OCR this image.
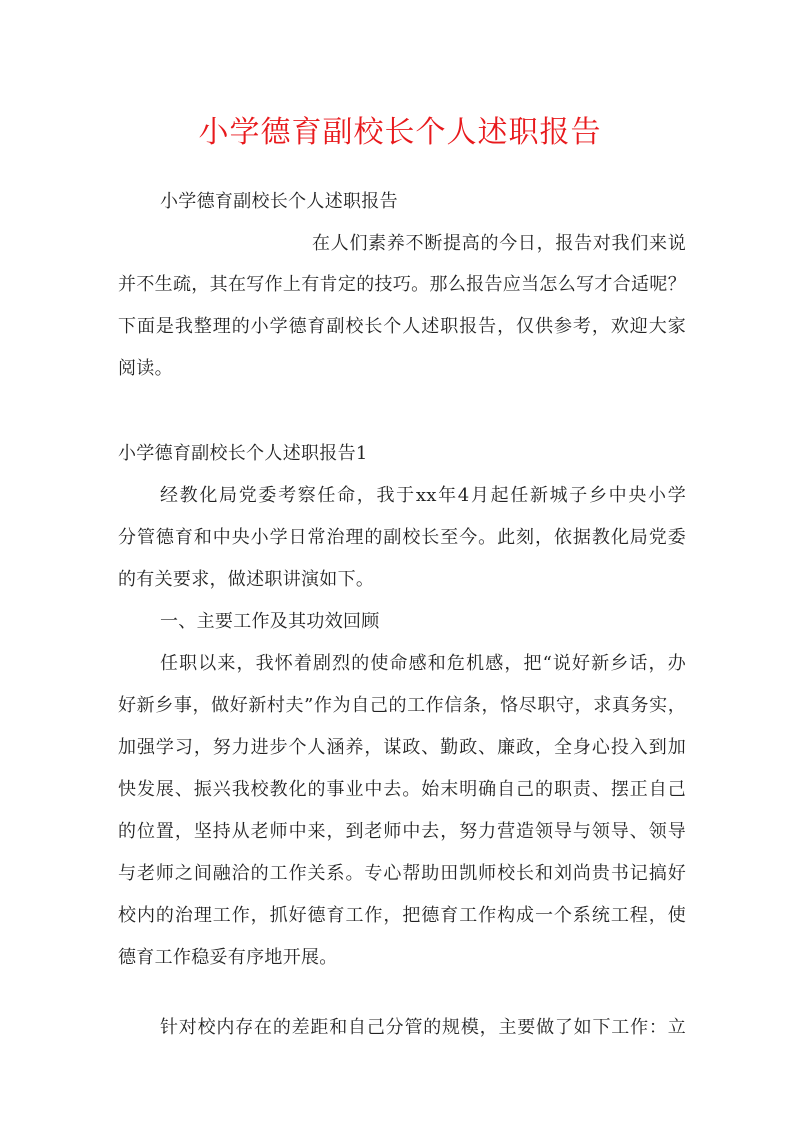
小学德育副校长个人述职报告
小学德育副校长个人述职报告
在人们素养不断提高的今日，报告对我们来说
并不生疏，其在写作上有肯定的技巧。那么报告应当怎么写才合适呢？
下面是我整理的小学德育副校长个人述职报告，仅供参考，欢迎大家
阅读。
小学德育副校长个人述职报告1
经教化局党委考察任命，我于xx年4月起任新城子乡中央小学
分管德育和中央小学日常治理的副校长至今。此刻，依据教化局党委
的有关要求，做述职讲演如下。
一、主要工作及其功效回顾
任职以来，我怀着剧烈的使命感和危机感，把“说好新乡话，办
好新乡事，做好新村夫”作为自己的工作信条，恪尽职守，求真务实，
加强学习，努力进步个人涵养，谋政、勤政、廉政，全身心投入到加
快发展、振兴我校教化的事业中去。始末明确自己的职责、摆正自己
的位置，坚持从老师中来，到老师中去，努力营造领导与领导、领导
与老师之间融洽的工作关系。专心帮助田凯师校长和刘尚贵书记搞好
校内的治理工作，抓好德育工作，把德育工作构成一个系统工程，使
德育工作稳妥有序地开展。
针对校内存在的差距和自己分管的规模，主要做了如下工作：立
